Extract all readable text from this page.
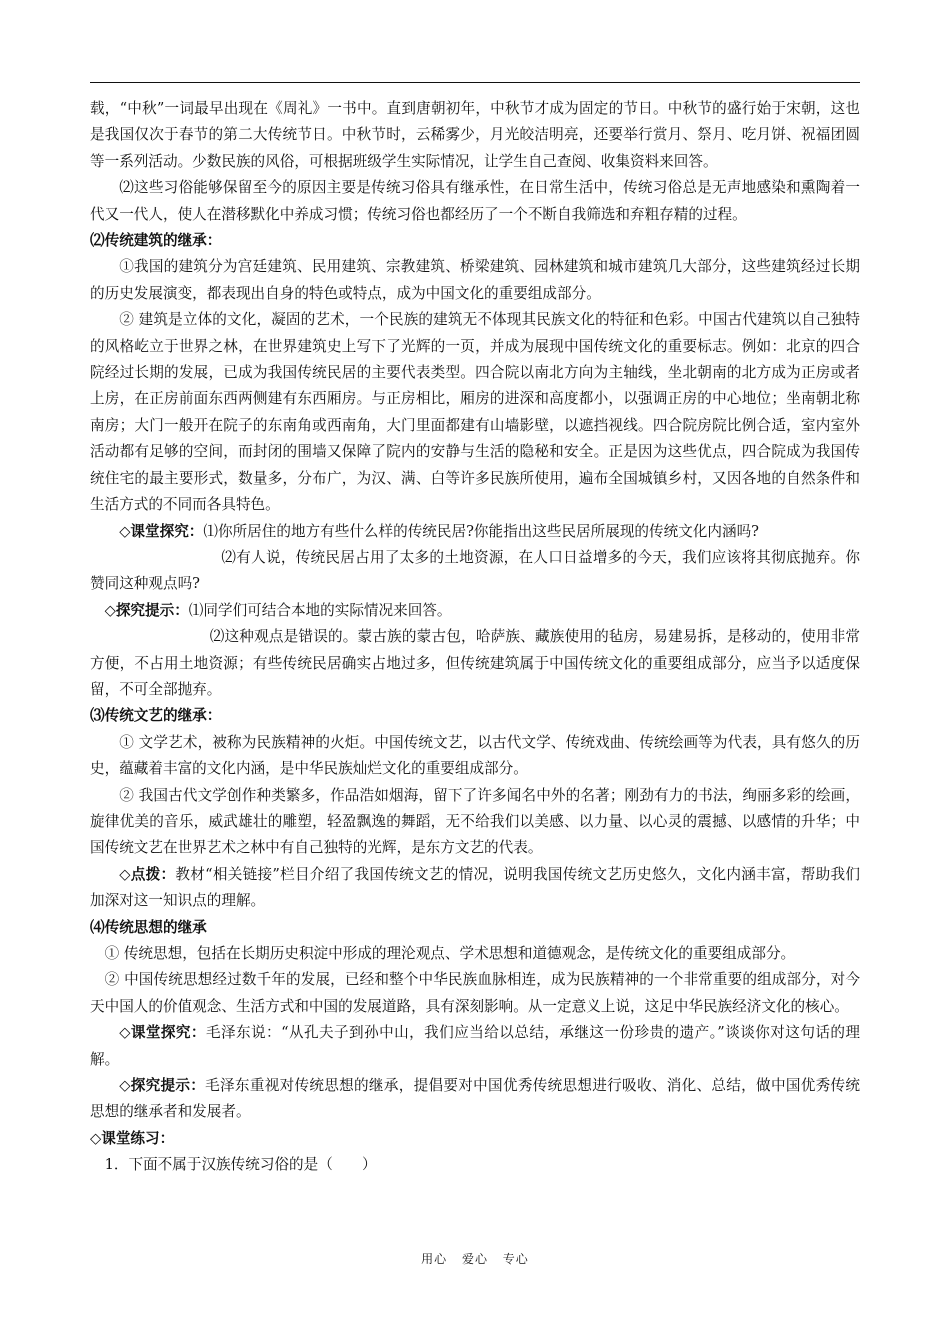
载，“中秋”一词最早出现在《周礼》一书中。直到唐朝初年，中秋节才成为固定的节日。中秋节的盛行始于宋朝，这也是我国仅次于春节的第二大传统节日。中秋节时，云稀雾少，月光皎洁明亮，还要举行赏月、祭月、吃月饼、祝福团圆等一系列活动。少数民族的风俗，可根据班级学生实际情况，让学生自己查阅、收集资料来回答。

⑵这些习俗能够保留至今的原因主要是传统习俗具有继承性，在日常生活中，传统习俗总是无声地感染和熏陶着一代又一代人，使人在潜移默化中养成习惯；传统习俗也都经历了一个不断自我筛选和弃粗存精的过程。

⑵传统建筑的继承：

①我国的建筑分为宫廷建筑、民用建筑、宗教建筑、桥梁建筑、园林建筑和城市建筑几大部分，这些建筑经过长期的历史发展演变，都表现出自身的特色或特点，成为中国文化的重要组成部分。

② 建筑是立体的文化，凝固的艺术，一个民族的建筑无不体现其民族文化的特征和色彩。中国古代建筑以自己独特的风格屹立于世界之林，在世界建筑史上写下了光辉的一页，并成为展现中国传统文化的重要标志。例如：北京的四合院经过长期的发展，已成为我国传统民居的主要代表类型。四合院以南北方向为主轴线，坐北朝南的北方成为正房或者上房，在正房前面东西两侧建有东西厢房。与正房相比，厢房的进深和高度都小，以强调正房的中心地位；坐南朝北称南房；大门一般开在院子的东南角或西南角，大门里面都建有山墙影壁，以遮挡视线。四合院房院比例合适，室内室外活动都有足够的空间，而封闭的围墙又保障了院内的安静与生活的隐秘和安全。正是因为这些优点，四合院成为我国传统住宅的最主要形式，数量多，分布广，为汉、满、白等许多民族所使用，遍布全国城镇乡村，又因各地的自然条件和生活方式的不同而各具特色。

◇课堂探究：⑴你所居住的地方有些什么样的传统民居?你能指出这些民居所展现的传统文化内涵吗?

⑵有人说，传统民居占用了太多的土地资源，在人口日益增多的今天，我们应该将其彻底抛弃。你赞同这种观点吗?

◇探究提示：⑴同学们可结合本地的实际情况来回答。

⑵这种观点是错误的。蒙古族的蒙古包，哈萨族、藏族使用的毡房，易建易拆，是移动的，使用非常方便，不占用土地资源；有些传统民居确实占地过多，但传统建筑属于中国传统文化的重要组成部分，应当予以适度保留，不可全部抛弃。

⑶传统文艺的继承：

① 文学艺术，被称为民族精神的火炬。中国传统文艺，以古代文学、传统戏曲、传统绘画等为代表，具有悠久的历史，蕴藏着丰富的文化内涵，是中华民族灿烂文化的重要组成部分。

② 我国古代文学创作种类繁多，作品浩如烟海，留下了许多闻名中外的名著；刚劲有力的书法，绚丽多彩的绘画，旋律优美的音乐，威武雄壮的雕塑，轻盈飘逸的舞蹈，无不给我们以美感、以力量、以心灵的震撼、以感情的升华；中国传统文艺在世界艺术之林中有自己独特的光辉，是东方文艺的代表。

◇点拨：教材“相关链接”栏目介绍了我国传统文艺的情况，说明我国传统文艺历史悠久，文化内涵丰富，帮助我们加深对这一知识点的理解。

⑷传统思想的继承

① 传统思想，包括在长期历史积淀中形成的理沦观点、学术思想和道德观念，是传统文化的重要组成部分。

② 中国传统思想经过数千年的发展，已经和整个中华民族血脉相连，成为民族精神的一个非常重要的组成部分，对今天中国人的价值观念、生活方式和中国的发展道路，具有深刻影响。从一定意义上说，这足中华民族经济文化的核心。

◇课堂探究：毛泽东说：“从孔夫子到孙中山，我们应当给以总结，承继这一份珍贵的遗产。”谈谈你对这句话的理解。

◇探究提示：毛泽东重视对传统思想的继承，提倡要对中国优秀传统思想进行吸收、消化、总结，做中国优秀传统思想的继承者和发展者。

◇课堂练习：

1．下面不属于汉族传统习俗的是（　　）

用心 爱心 专心
